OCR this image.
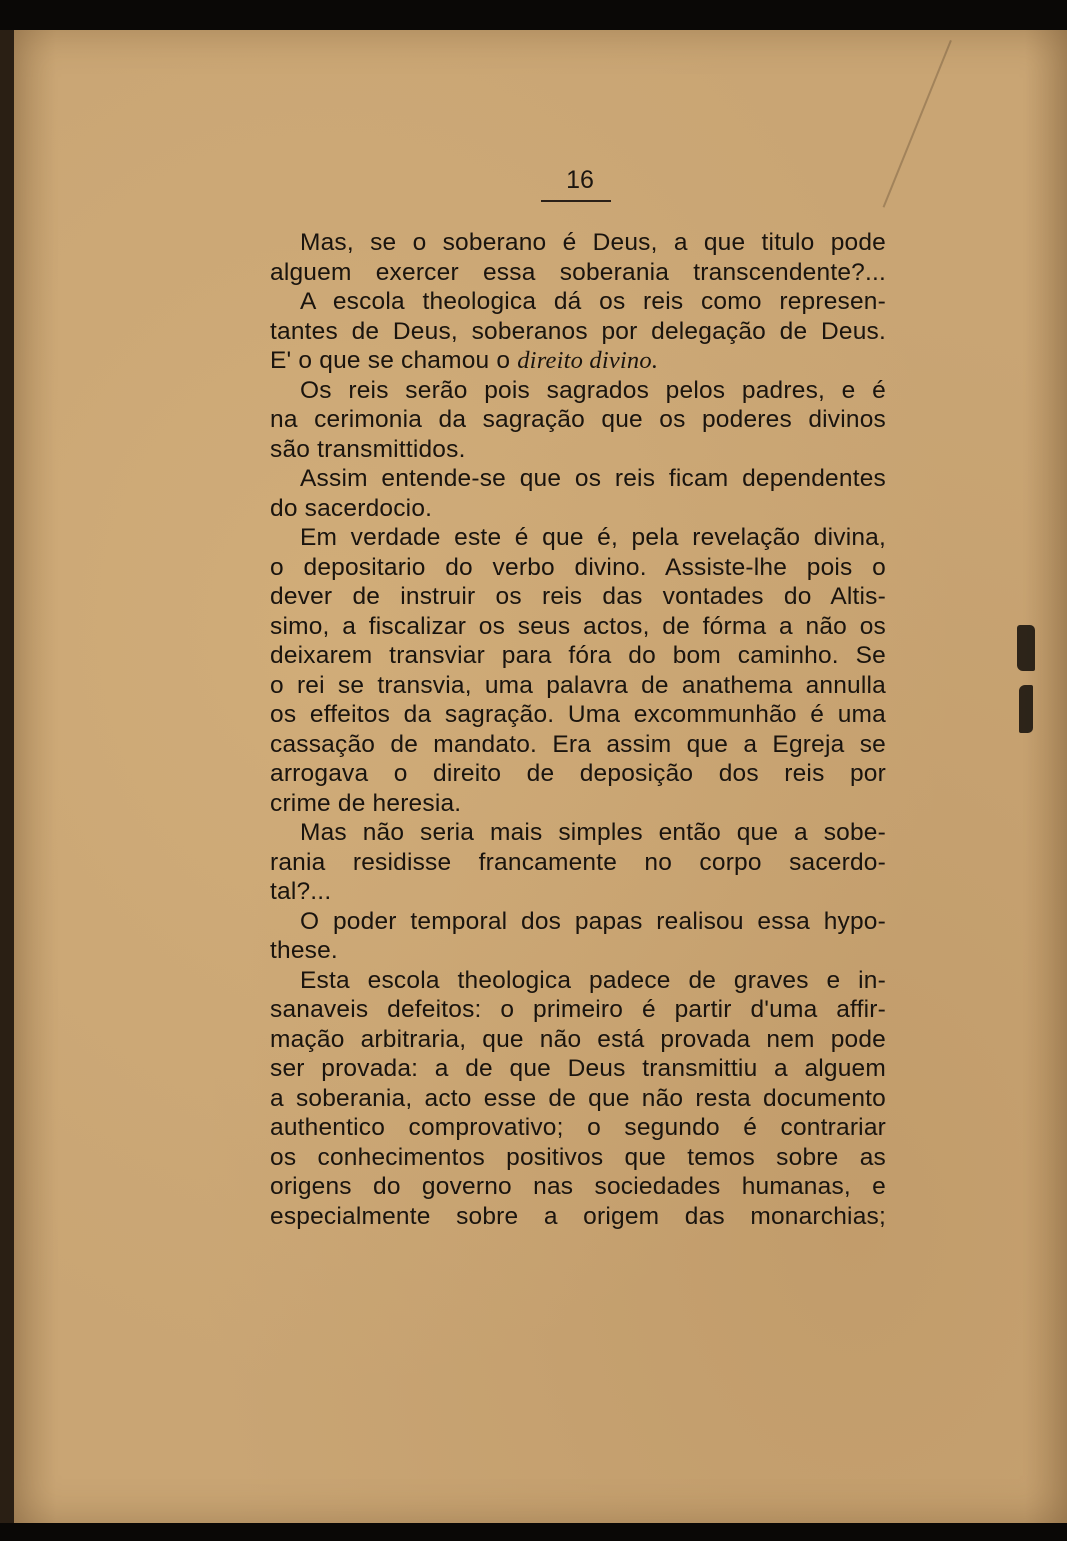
16
Mas, se o soberano é Deus, a que titulo pode
alguem exercer essa soberania transcendente?...
A escola theologica dá os reis como represen-
tantes de Deus, soberanos por delegação de Deus.
E' o que se chamou o direito divino.
Os reis serão pois sagrados pelos padres, e é
na cerimonia da sagração que os poderes divinos
são transmittidos.
Assim entende-se que os reis ficam dependentes
do sacerdocio.
Em verdade este é que é, pela revelação divina,
o depositario do verbo divino. Assiste-lhe pois o
dever de instruir os reis das vontades do Altis-
simo, a fiscalizar os seus actos, de fórma a não os
deixarem transviar para fóra do bom caminho. Se
o rei se transvia, uma palavra de anathema annulla
os effeitos da sagração. Uma excommunhão é uma
cassação de mandato. Era assim que a Egreja se
arrogava o direito de deposição dos reis por
crime de heresia.
Mas não seria mais simples então que a sobe-
rania residisse francamente no corpo sacerdo-
tal?...
O poder temporal dos papas realisou essa hypo-
these.
Esta escola theologica padece de graves e in-
sanaveis defeitos: o primeiro é partir d'uma affir-
mação arbitraria, que não está provada nem pode
ser provada: a de que Deus transmittiu a alguem
a soberania, acto esse de que não resta documento
authentico comprovativo; o segundo é contrariar
os conhecimentos positivos que temos sobre as
origens do governo nas sociedades humanas, e
especialmente sobre a origem das monarchias;
